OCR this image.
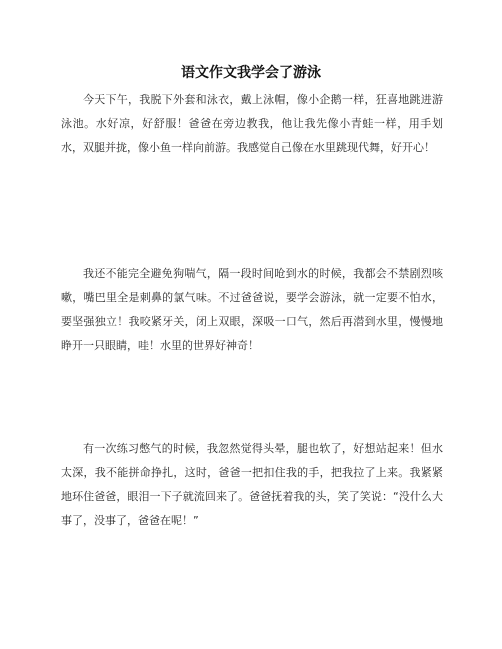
语文作文我学会了游泳

今天下午，我脱下外套和泳衣，戴上泳帽，像小企鹅一样，狂喜地跳进游泳池。水好凉，好舒服！爸爸在旁边教我，他让我先像小青蛙一样，用手划水，双腿并拢，像小鱼一样向前游。我感觉自己像在水里跳现代舞，好开心！

我还不能完全避免狗喘气，隔一段时间呛到水的时候，我都会不禁剧烈咳嗽，嘴巴里全是刺鼻的氯气味。不过爸爸说，要学会游泳，就一定要不怕水，要坚强独立！我咬紧牙关，闭上双眼，深吸一口气，然后再潜到水里，慢慢地睁开一只眼睛，哇！水里的世界好神奇！

有一次练习憋气的时候，我忽然觉得头晕，腿也软了，好想站起来！但水太深，我不能拼命挣扎，这时，爸爸一把扣住我的手，把我拉了上来。我紧紧地环住爸爸，眼泪一下子就流回来了。爸爸抚着我的头，笑了笑说：“没什么大事了，没事了，爸爸在呢！”
